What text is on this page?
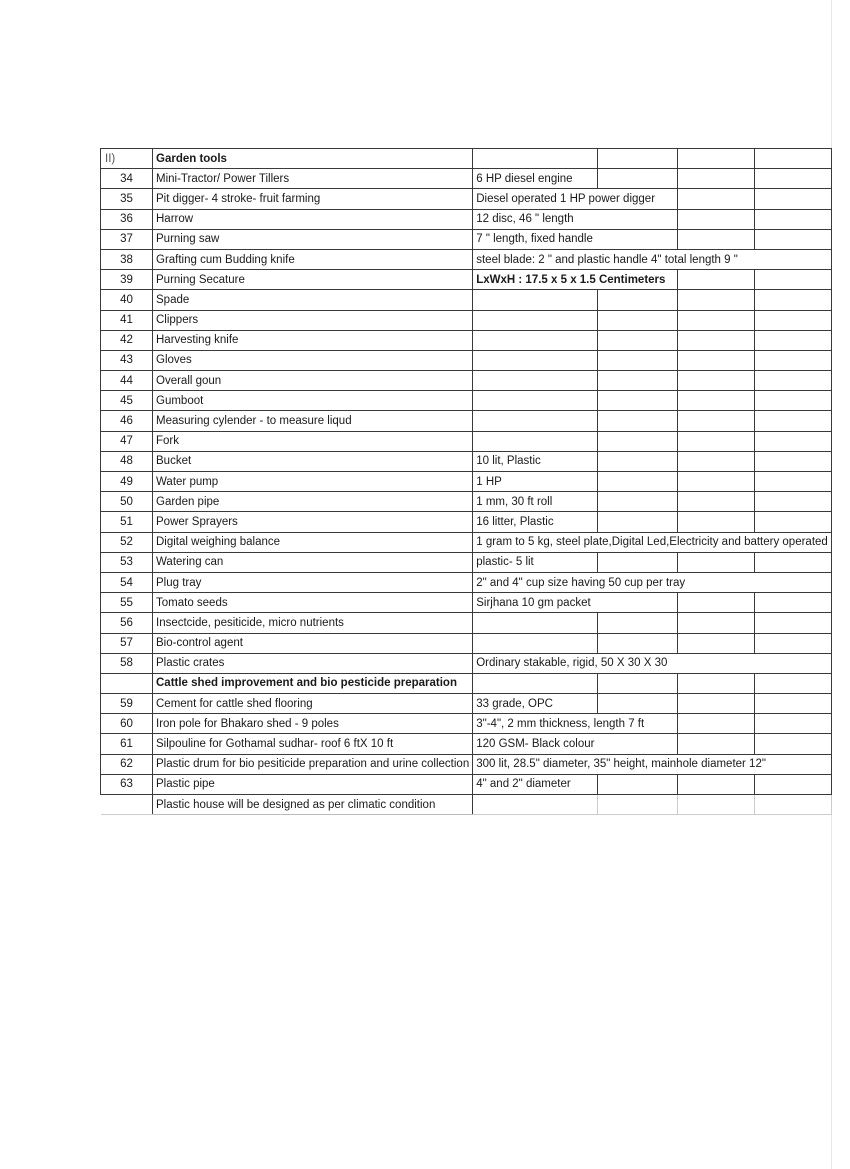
II)	Garden tools				
34	Mini-Tractor/ Power Tillers	6 HP diesel engine			
35	Pit digger- 4 stroke- fruit farming	Diesel operated 1 HP power digger			
36	Harrow	12 disc, 46 " length			
37	Purning saw	7 " length, fixed handle			
38	Grafting cum Budding knife	steel blade: 2 " and plastic handle 4" total length 9 "			
39	Purning Secature	LxWxH : 17.5 x 5 x 1.5 Centimeters			
40	Spade				
41	Clippers				
42	Harvesting knife				
43	Gloves				
44	Overall goun				
45	Gumboot				
46	Measuring cylender - to measure liqud				
47	Fork				
48	Bucket	10 lit, Plastic			
49	Water pump	1 HP			
50	Garden pipe	1 mm, 30 ft roll			
51	Power Sprayers	16 litter, Plastic			
52	Digital weighing balance	1 gram to 5 kg, steel plate,Digital Led,Electricity and battery operated			
53	Watering can	plastic- 5 lit			
54	Plug tray	2" and 4" cup size having 50 cup per tray			
55	Tomato seeds	Sirjhana 10 gm packet			
56	Insectcide, pesiticide, micro nutrients				
57	Bio-control agent				
58	Plastic crates	Ordinary stakable, rigid, 50 X 30 X 30			
	Cattle shed improvement and bio pesticide preparation				
59	Cement for cattle shed flooring	33 grade, OPC			
60	Iron pole for Bhakaro shed - 9 poles	3"-4", 2 mm thickness, length 7 ft			
61	Silpouline for Gothamal sudhar- roof 6 ftX 10 ft	120 GSM- Black colour			
62	Plastic drum for bio pesiticide preparation and urine collection	300 lit, 28.5" diameter, 35" height, mainhole diameter 12"			
63	Plastic pipe	4" and 2" diameter			
	Plastic house will be designed as per climatic condition				
